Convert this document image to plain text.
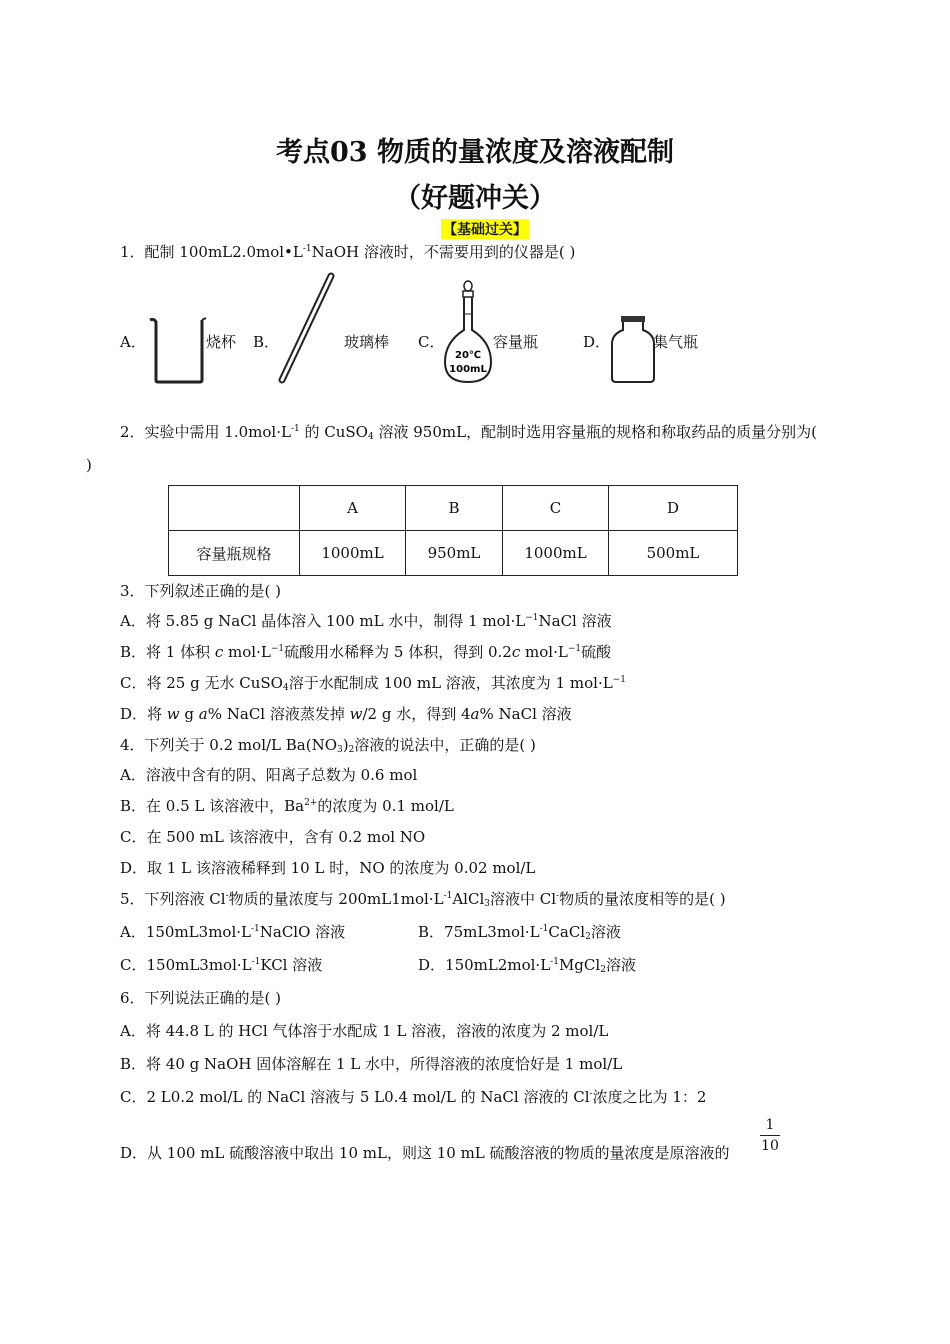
考点03 物质的量浓度及溶液配制
（好题冲关）
【基础过关】
1．配制 $100mL2.0mol•L^{-1}NaOH$ 溶液时，不需要用到的仪器是( )
A．	烧杯 B．	玻璃棒 C．
20℃
100mL
容量瓶	D．	集气瓶
2．实验中需用 $1.0mol\cdot L^{-1}$ 的 CuSO$_4$ 溶液 950mL，配制时选用容量瓶的规格和称取药品的质量分别为(
)
	A	B	C	D
容量瓶规格	1000mL	950mL	1000mL	500mL
3．下列叙述正确的是( )
A．将 5.85 g NaCl 晶体溶入 100 mL 水中，制得 1 $mol\cdot L^{-1}NaCl$ 溶液
B．将 1 体积 c $mol\cdot L^{-1}$硫酸用水稀释为 5 体积，得到 0.2c $mol\cdot L^{-1}$硫酸
C．将 25 g 无水 CuSO$_4$溶于水配制成 100 mL 溶液，其浓度为 1 $mol\cdot L^{-1}$
D．将 w g a% NaCl 溶液蒸发掉 w/2 g 水，得到 4a% NaCl 溶液
4．下列关于 0.2 mol/L $Ba(NO_3)_2$溶液的说法中，正确的是( )
A．溶液中含有的阴、阳离子总数为 0.6 mol
B．在 0.5 L 该溶液中，$Ba^{2+}$的浓度为 0.1 mol/L
C．在 500 mL 该溶液中，含有 0.2 mol NO
D．取 1 L 该溶液稀释到 10 L 时，NO 的浓度为 0.02 mol/L
5．下列溶液 Cl-物质的量浓度与 $200mL1mol\cdot L^{-1}AlCl_3$溶液中 Cl-物质的量浓度相等的是( )
A．$150mL3mol\cdot L^{-1}NaClO$ 溶液	B．$75mL3mol\cdot L^{-1}CaCl_2$溶液
C．$150mL3mol\cdot L^{-1}KCl$ 溶液	D．$150mL2mol\cdot L^{-1}MgCl_2$溶液
6．下列说法正确的是( )
A．将 44.8 L 的 HCl 气体溶于水配成 1 L 溶液，溶液的浓度为 2 mol/L
B．将 40 g NaOH 固体溶解在 1 L 水中，所得溶液的浓度恰好是 1 mol/L
C．2 L0.2 mol/L 的 NaCl 溶液与 5 L0.4 mol/L 的 NaCl 溶液的 Cl-浓度之比为 1：2
D．从 100 mL 硫酸溶液中取出 10 mL，则这 10 mL 硫酸溶液的物质的量浓度是原溶液的
1
10
